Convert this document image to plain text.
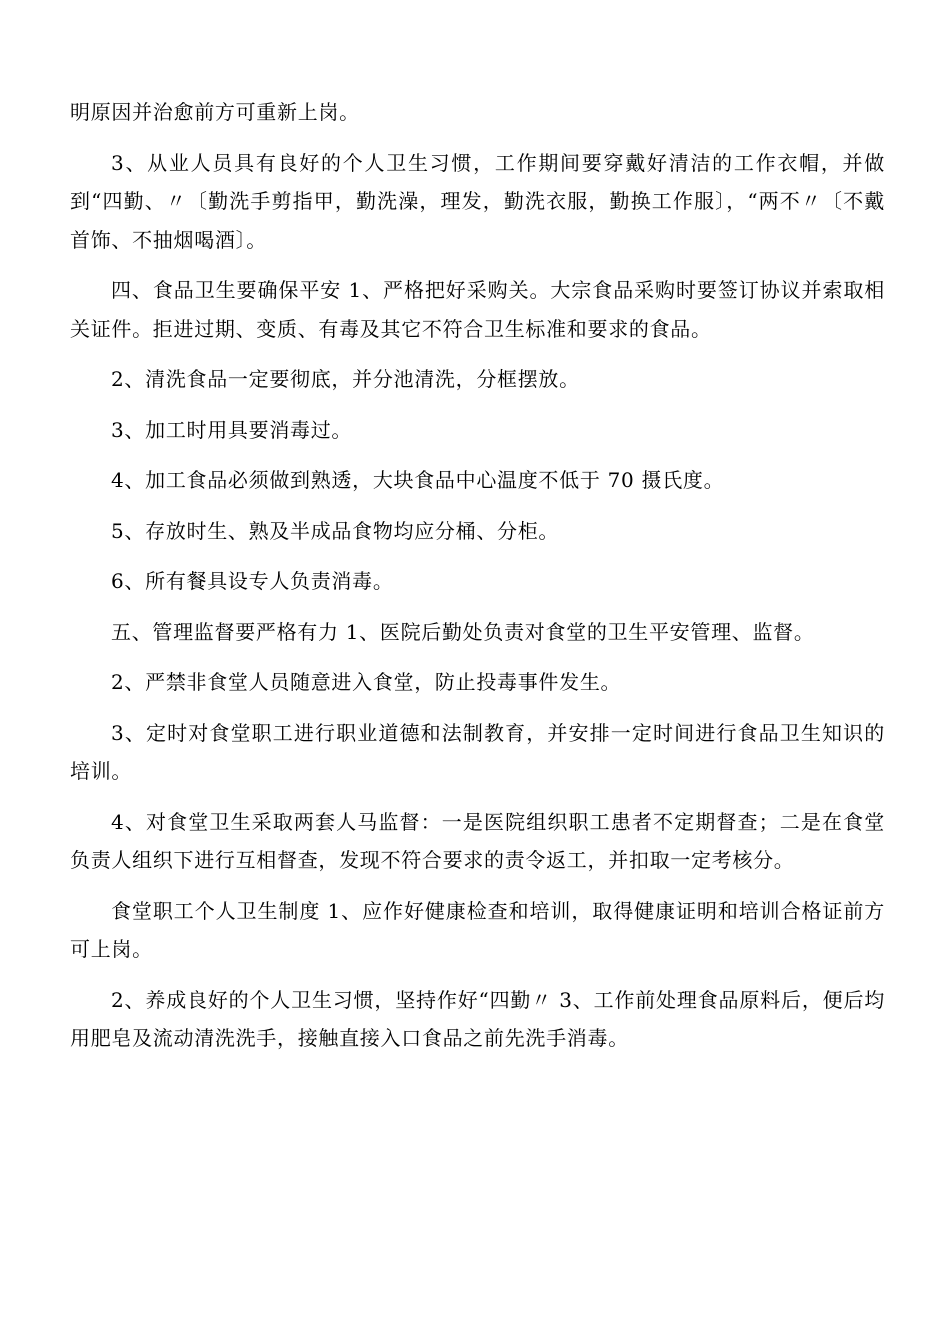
明原因并治愈前方可重新上岗。

3、从业人员具有良好的个人卫生习惯，工作期间要穿戴好清洁的工作衣帽，并做到“四勤、〃〔勤洗手剪指甲，勤洗澡，理发，勤洗衣服，勤换工作服〕，“两不〃〔不戴首饰、不抽烟喝酒〕。

四、食品卫生要确保平安 1、严格把好采购关。大宗食品采购时要签订协议并索取相关证件。拒进过期、变质、有毒及其它不符合卫生标准和要求的食品。

2、清洗食品一定要彻底，并分池清洗，分框摆放。

3、加工时用具要消毒过。

4、加工食品必须做到熟透，大块食品中心温度不低于 70 摄氏度。

5、存放时生、熟及半成品食物均应分桶、分柜。

6、所有餐具设专人负责消毒。

五、管理监督要严格有力 1、医院后勤处负责对食堂的卫生平安管理、监督。

2、严禁非食堂人员随意进入食堂，防止投毒事件发生。

3、定时对食堂职工进行职业道德和法制教育，并安排一定时间进行食品卫生知识的培训。

4、对食堂卫生采取两套人马监督：一是医院组织职工患者不定期督查；二是在食堂负责人组织下进行互相督查，发现不符合要求的责令返工，并扣取一定考核分。

食堂职工个人卫生制度 1、应作好健康检查和培训，取得健康证明和培训合格证前方可上岗。

2、养成良好的个人卫生习惯，坚持作好“四勤〃 3、工作前处理食品原料后，便后均用肥皂及流动清洗洗手，接触直接入口食品之前先洗手消毒。
